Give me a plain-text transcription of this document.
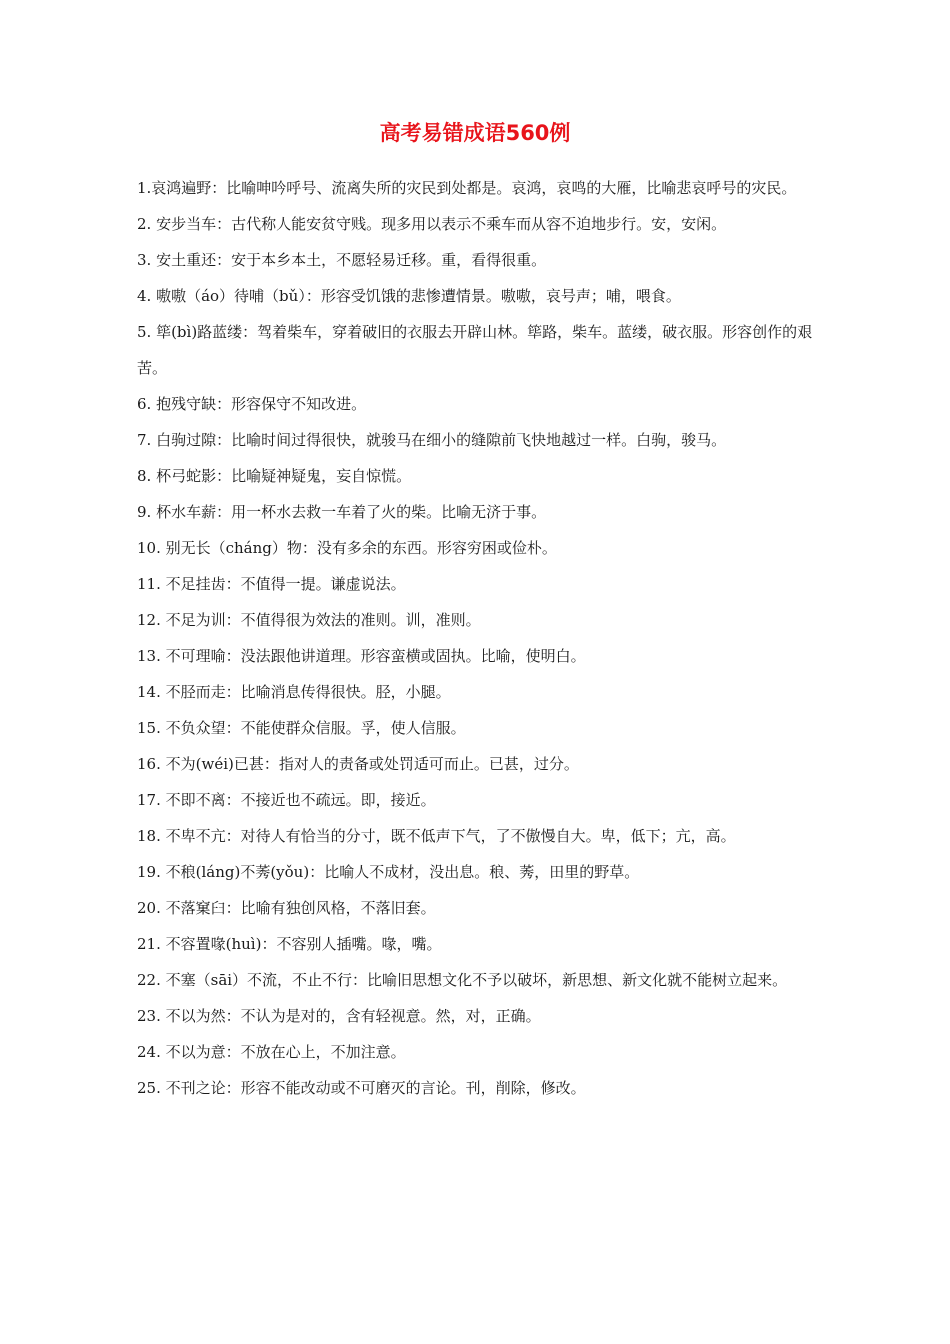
高考易错成语560例
1.哀鸿遍野：比喻呻吟呼号、流离失所的灾民到处都是。哀鸿，哀鸣的大雁，比喻悲哀呼号的灾民。
2. 安步当车：古代称人能安贫守贱。现多用以表示不乘车而从容不迫地步行。安，安闲。
3. 安土重还：安于本乡本土，不愿轻易迁移。重，看得很重。
4. 嗷嗷（áo）待哺（bǔ）：形容受饥饿的悲惨遭情景。嗷嗷，哀号声；哺，喂食。
5. 筚(bì)路蓝缕：驾着柴车，穿着破旧的衣服去开辟山林。筚路，柴车。蓝缕，破衣服。形容创作的艰苦。
6. 抱残守缺：形容保守不知改进。
7. 白驹过隙：比喻时间过得很快，就骏马在细小的缝隙前飞快地越过一样。白驹，骏马。
8. 杯弓蛇影：比喻疑神疑鬼，妄自惊慌。
9. 杯水车薪：用一杯水去救一车着了火的柴。比喻无济于事。
10. 别无长（cháng）物：没有多余的东西。形容穷困或俭朴。
11. 不足挂齿：不值得一提。谦虚说法。
12. 不足为训：不值得很为效法的准则。训，准则。
13. 不可理喻：没法跟他讲道理。形容蛮横或固执。比喻，使明白。
14. 不胫而走：比喻消息传得很快。胫，小腿。
15. 不负众望：不能使群众信服。孚，使人信服。
16. 不为(wéi)已甚：指对人的责备或处罚适可而止。已甚，过分。
17. 不即不离：不接近也不疏远。即，接近。
18. 不卑不亢：对待人有恰当的分寸，既不低声下气，了不傲慢自大。卑，低下；亢，高。
19. 不稂(láng)不莠(yǒu)：比喻人不成材，没出息。稂、莠，田里的野草。
20. 不落窠臼：比喻有独创风格，不落旧套。
21. 不容置喙(huì)：不容别人插嘴。喙，嘴。
22. 不塞（sāi）不流，不止不行：比喻旧思想文化不予以破坏，新思想、新文化就不能树立起来。
23. 不以为然：不认为是对的，含有轻视意。然，对，正确。
24. 不以为意：不放在心上，不加注意。
25. 不刊之论：形容不能改动或不可磨灭的言论。刊，削除，修改。
